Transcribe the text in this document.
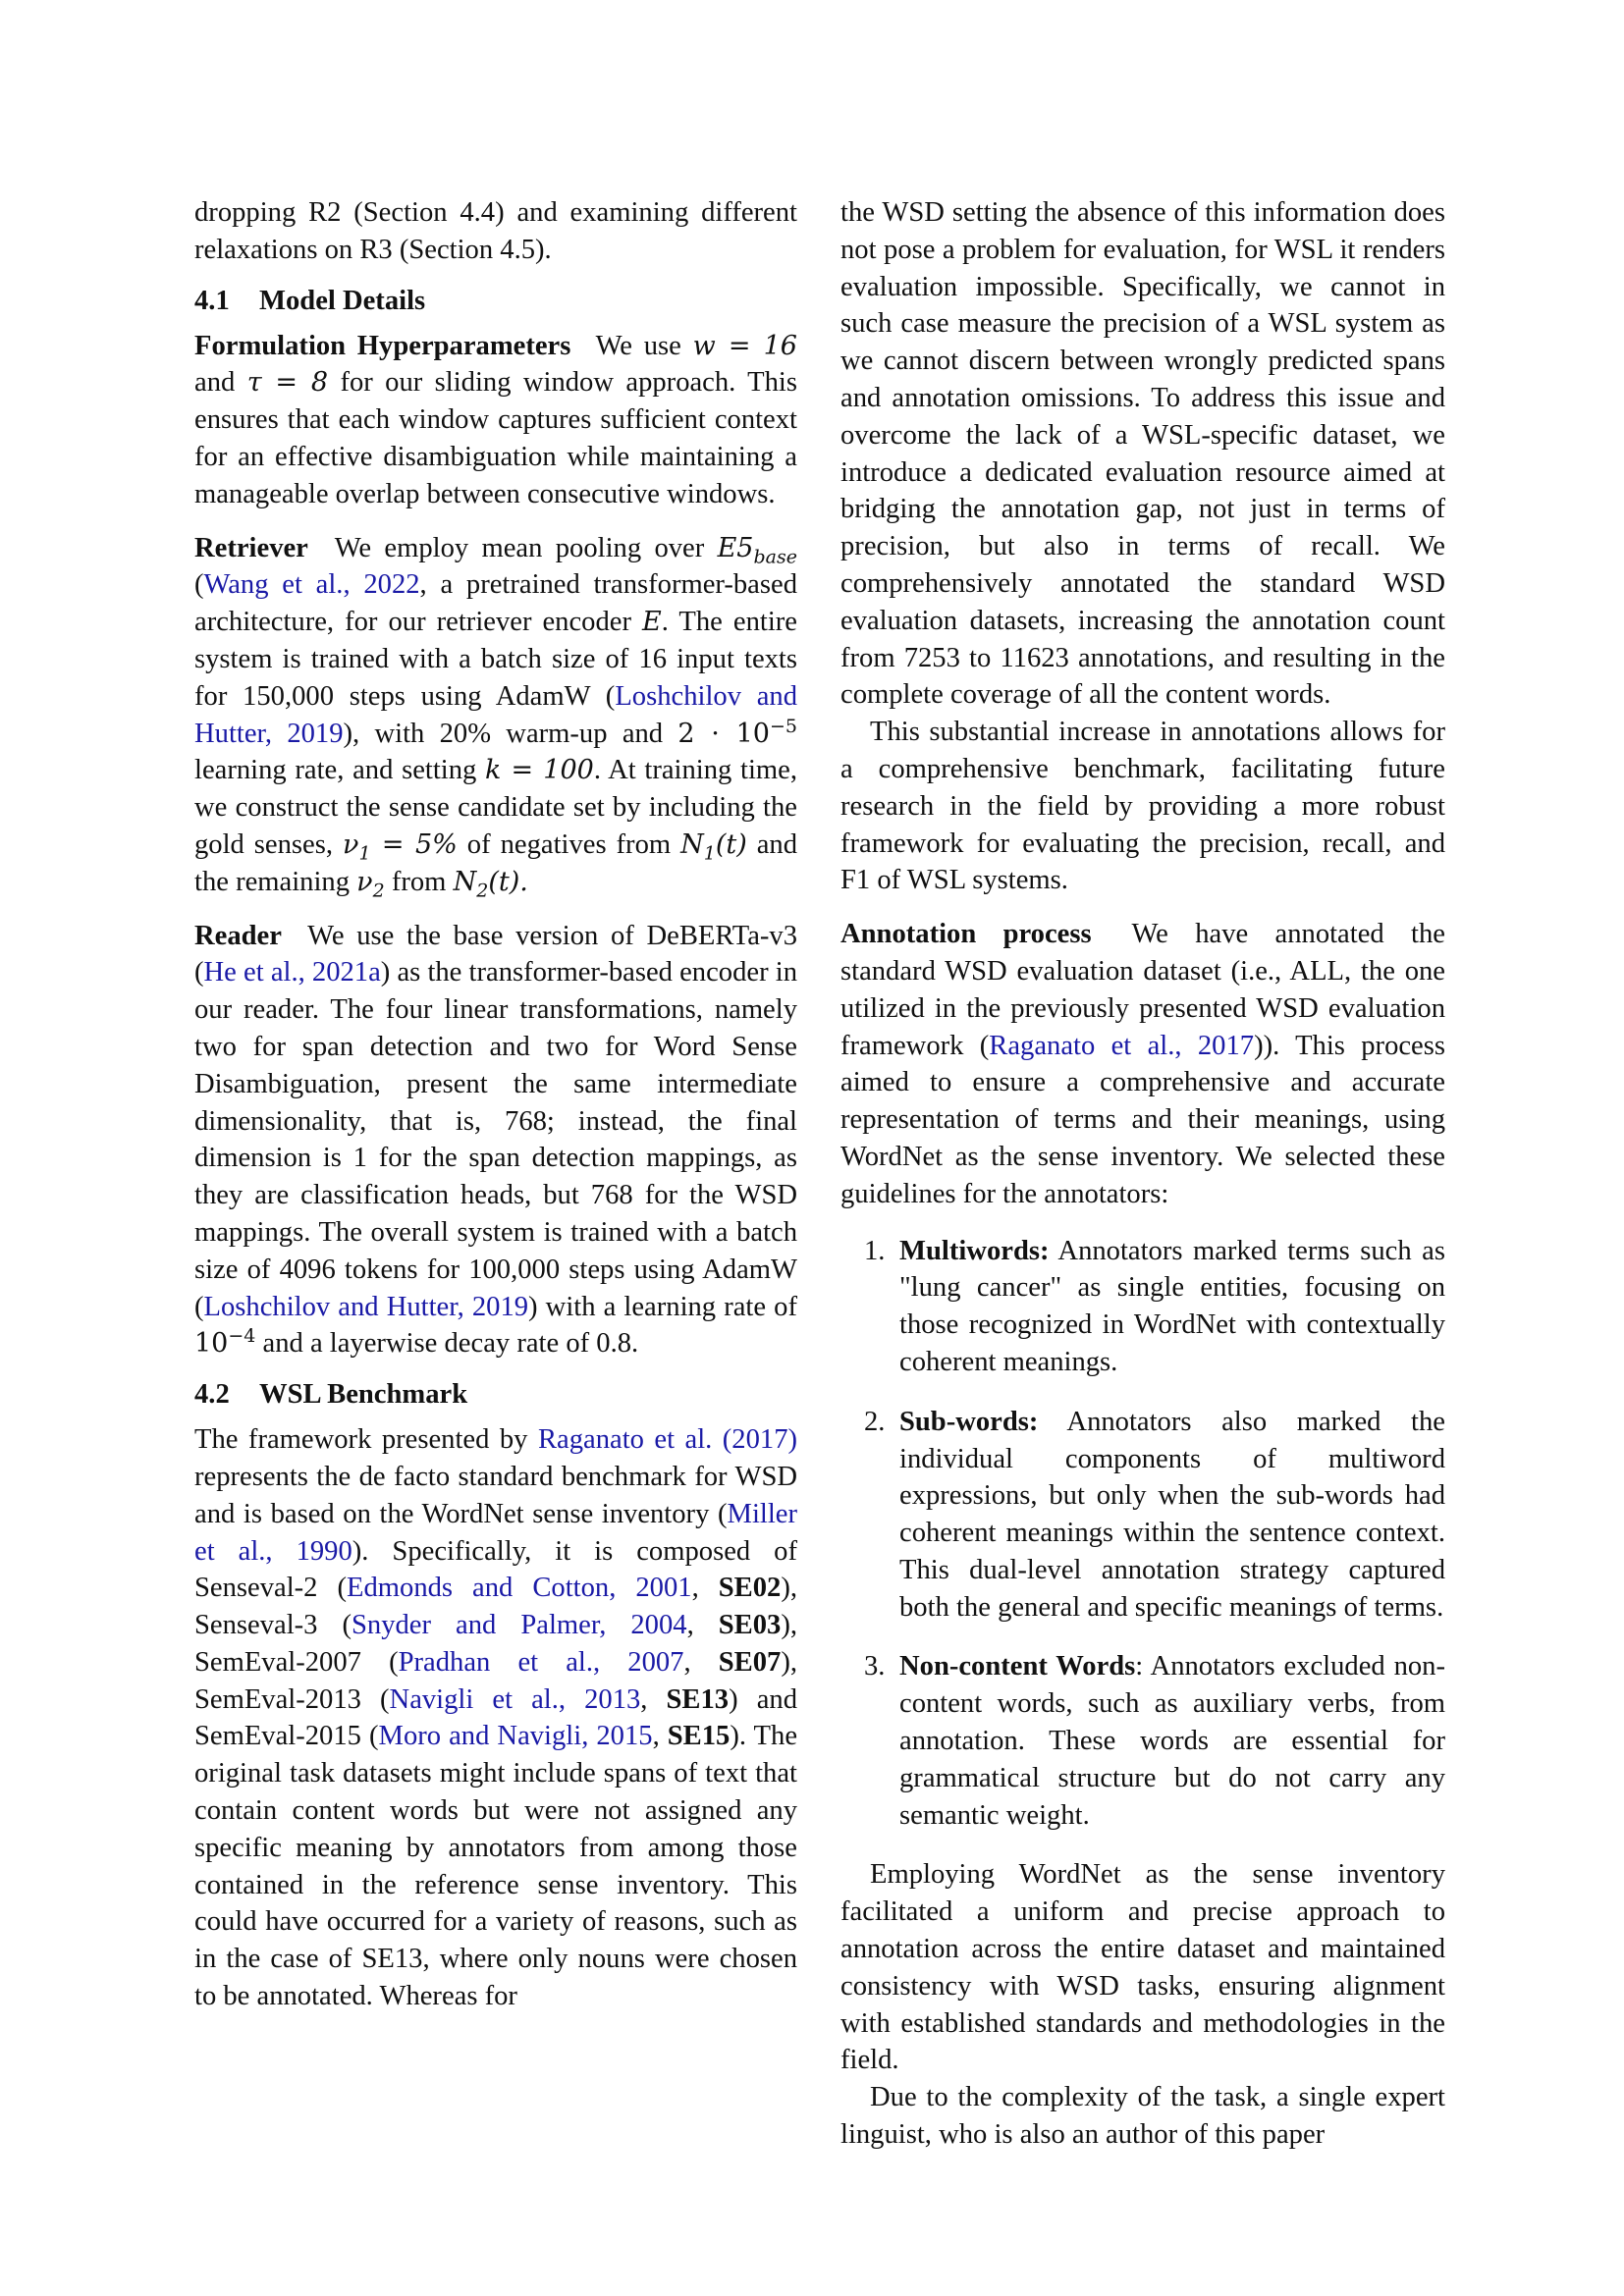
dropping R2 (Section 4.4) and examining different relaxations on R3 (Section 4.5).

4.1 Model Details

Formulation Hyperparameters We use w = 16 and τ = 8 for our sliding window approach. This ensures that each window captures sufficient context for an effective disambiguation while maintaining a manageable overlap between consecutive windows.

Retriever We employ mean pooling over $E5_{base}$ (Wang et al., 2022, a pretrained transformer-based architecture, for our retriever encoder E. The entire system is trained with a batch size of 16 input texts for 150,000 steps using AdamW (Loshchilov and Hutter, 2019), with 20% warm-up and $2 \cdot 10^{-5}$ learning rate, and setting k = 100. At training time, we construct the sense candidate set by including the gold senses, $\nu_1 = 5\%$ of negatives from $N_1(t)$ and the remaining $\nu_2$ from $N_2(t)$.

Reader We use the base version of DeBERTa-v3 (He et al., 2021a) as the transformer-based encoder in our reader. The four linear transformations, namely two for span detection and two for Word Sense Disambiguation, present the same intermediate dimensionality, that is, 768; instead, the final dimension is 1 for the span detection mappings, as they are classification heads, but 768 for the WSD mappings. The overall system is trained with a batch size of 4096 tokens for 100,000 steps using AdamW (Loshchilov and Hutter, 2019) with a learning rate of $10^{-4}$ and a layerwise decay rate of 0.8.

4.2 WSL Benchmark

The framework presented by Raganato et al. (2017) represents the de facto standard benchmark for WSD and is based on the WordNet sense inventory (Miller et al., 1990). Specifically, it is composed of Senseval-2 (Edmonds and Cotton, 2001, SE02), Senseval-3 (Snyder and Palmer, 2004, SE03), SemEval-2007 (Pradhan et al., 2007, SE07), SemEval-2013 (Navigli et al., 2013, SE13) and SemEval-2015 (Moro and Navigli, 2015, SE15). The original task datasets might include spans of text that contain content words but were not assigned any specific meaning by annotators from among those contained in the reference sense inventory. This could have occurred for a variety of reasons, such as in the case of SE13, where only nouns were chosen to be annotated. Whereas for

the WSD setting the absence of this information does not pose a problem for evaluation, for WSL it renders evaluation impossible. Specifically, we cannot in such case measure the precision of a WSL system as we cannot discern between wrongly predicted spans and annotation omissions. To address this issue and overcome the lack of a WSL-specific dataset, we introduce a dedicated evaluation resource aimed at bridging the annotation gap, not just in terms of precision, but also in terms of recall. We comprehensively annotated the standard WSD evaluation datasets, increasing the annotation count from 7253 to 11623 annotations, and resulting in the complete coverage of all the content words.

This substantial increase in annotations allows for a comprehensive benchmark, facilitating future research in the field by providing a more robust framework for evaluating the precision, recall, and F1 of WSL systems.

Annotation process We have annotated the standard WSD evaluation dataset (i.e., ALL, the one utilized in the previously presented WSD evaluation framework (Raganato et al., 2017)). This process aimed to ensure a comprehensive and accurate representation of terms and their meanings, using WordNet as the sense inventory. We selected these guidelines for the annotators:

1. Multiwords: Annotators marked terms such as "lung cancer" as single entities, focusing on those recognized in WordNet with contextually coherent meanings.
2. Sub-words: Annotators also marked the individual components of multiword expressions, but only when the sub-words had coherent meanings within the sentence context. This dual-level annotation strategy captured both the general and specific meanings of terms.
3. Non-content Words: Annotators excluded non-content words, such as auxiliary verbs, from annotation. These words are essential for grammatical structure but do not carry any semantic weight.

Employing WordNet as the sense inventory facilitated a uniform and precise approach to annotation across the entire dataset and maintained consistency with WSD tasks, ensuring alignment with established standards and methodologies in the field.

Due to the complexity of the task, a single expert linguist, who is also an author of this paper
